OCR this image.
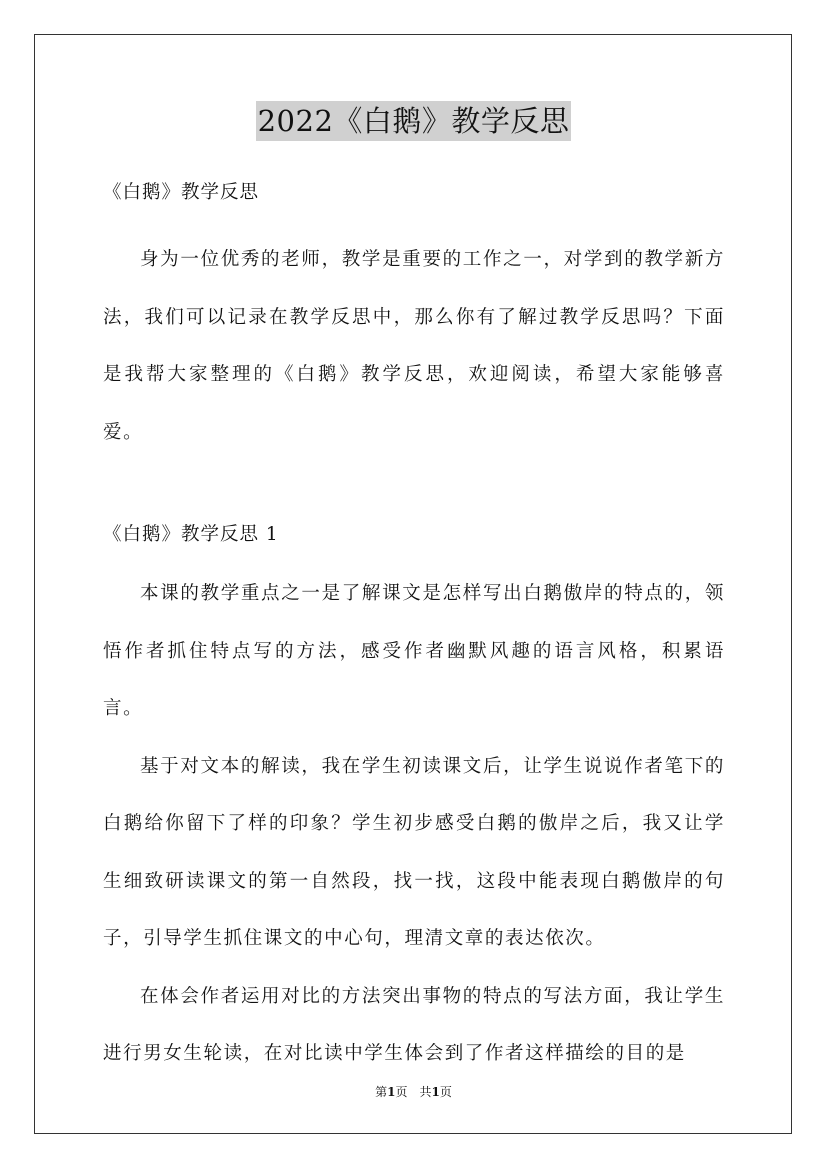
2022《白鹅》教学反思
《白鹅》教学反思

身为一位优秀的老师，教学是重要的工作之一，对学到的教学新方法，我们可以记录在教学反思中，那么你有了解过教学反思吗？下面是我帮大家整理的《白鹅》教学反思，欢迎阅读，希望大家能够喜爱。

《白鹅》教学反思 1

本课的教学重点之一是了解课文是怎样写出白鹅傲岸的特点的，领悟作者抓住特点写的方法，感受作者幽默风趣的语言风格，积累语言。

基于对文本的解读，我在学生初读课文后，让学生说说作者笔下的白鹅给你留下了样的印象？学生初步感受白鹅的傲岸之后，我又让学生细致研读课文的第一自然段，找一找，这段中能表现白鹅傲岸的句子，引导学生抓住课文的中心句，理清文章的表达依次。

在体会作者运用对比的方法突出事物的特点的写法方面，我让学生进行男女生轮读，在对比读中学生体会到了作者这样描绘的目的是

第1页　共1页
